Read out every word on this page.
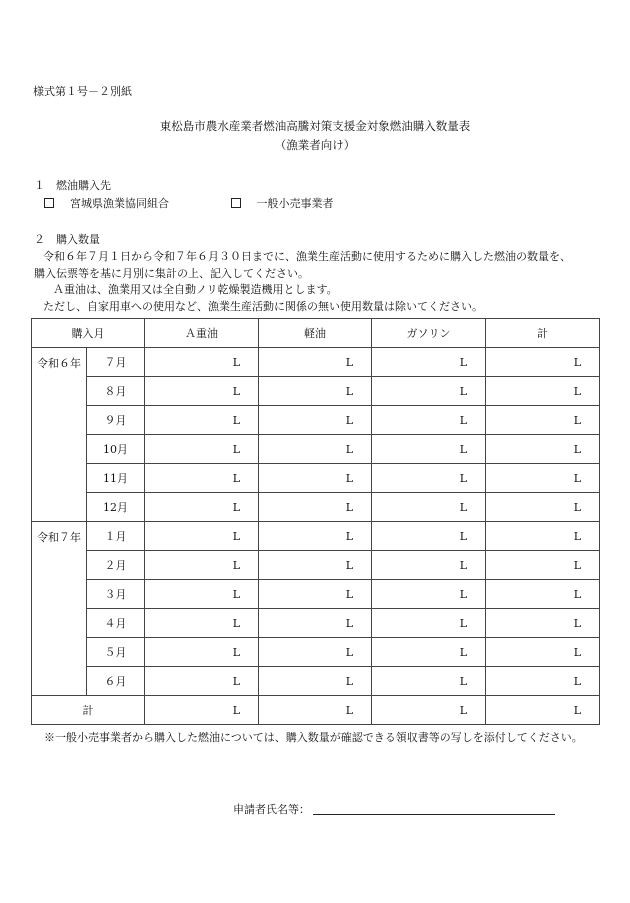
様式第１号－２別紙
東松島市農水産業者燃油高騰対策支援金対象燃油購入数量表
（漁業者向け）
１　燃油購入先
宮城県漁業協同組合	一般小売事業者
２　購入数量

令和６年７月１日から令和７年６月３０日までに、漁業生産活動に使用するために購入した燃油の数量を、

購入伝票等を基に月別に集計の上、記入してください。

Ａ重油は、漁業用又は全自動ノリ乾燥製造機用とします。

ただし、自家用車への使用など、漁業生産活動に関係の無い使用数量は除いてください。

購入月		Ａ重油	軽油	ガソリン	計
令和６年	７月	L	L	L	L
	８月	L	L	L	L
	９月	L	L	L	L
	10月	L	L	L	L
	11月	L	L	L	L
	12月	L	L	L	L
令和７年	１月	L	L	L	L
	２月	L	L	L	L
	３月	L	L	L	L
	４月	L	L	L	L
	５月	L	L	L	L
	６月	L	L	L	L
計		L	L	L	L
※一般小売事業者から購入した燃油については、購入数量が確認できる領収書等の写しを添付してください。
申請者氏名等：
